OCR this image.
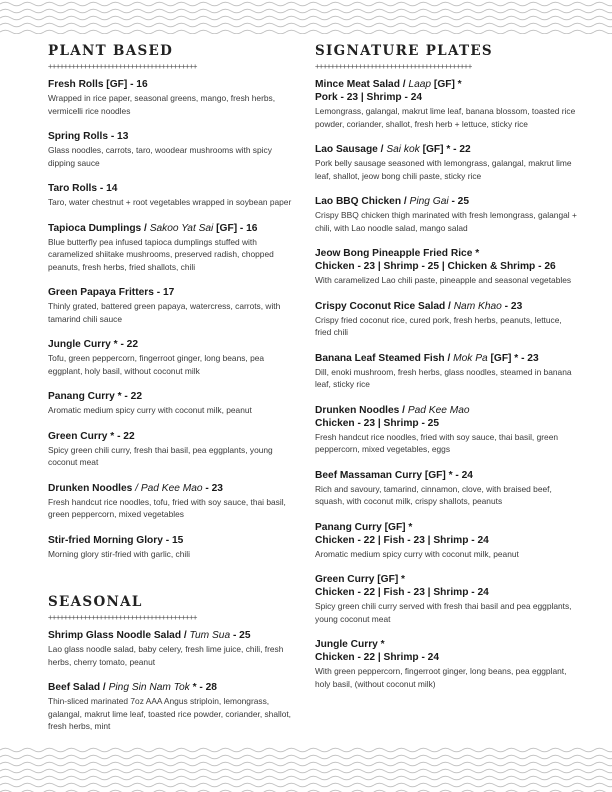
PLANT BASED
++++++++++++++++++++++++++++++++++++++
Fresh Rolls [GF] - 16
Wrapped in rice paper, seasonal greens, mango, fresh herbs, vermicelli rice noodles
Spring Rolls - 13
Glass noodles, carrots, taro, woodear mushrooms with spicy dipping sauce
Taro Rolls - 14
Taro, water chestnut + root vegetables wrapped in soybean paper
Tapioca Dumplings / Sakoo Yat Sai [GF] - 16
Blue butterfly pea infused tapioca dumplings stuffed with caramelized shiitake mushrooms, preserved radish, chopped peanuts, fresh herbs, fried shallots, chili
Green Papaya Fritters - 17
Thinly grated, battered green papaya, watercress, carrots, with tamarind chili sauce
Jungle Curry * - 22
Tofu, green peppercorn, fingerroot ginger, long beans, pea eggplant, holy basil, without coconut milk
Panang Curry * - 22
Aromatic medium spicy curry with coconut milk, peanut
Green Curry * - 22
Spicy green chili curry, fresh thai basil, pea eggplants, young coconut meat
Drunken Noodles / Pad Kee Mao - 23
Fresh handcut rice noodles, tofu, fried with soy sauce, thai basil, green peppercorn, mixed vegetables
Stir-fried Morning Glory - 15
Morning glory stir-fried with garlic, chili
SEASONAL
++++++++++++++++++++++++++++++++++++++
Shrimp Glass Noodle Salad / Tum Sua - 25
Lao glass noodle salad, baby celery, fresh lime juice, chili, fresh herbs, cherry tomato, peanut
Beef Salad / Ping Sin Nam Tok * - 28
Thin-sliced marinated 7oz AAA Angus striploin, lemongrass, galangal, makrut lime leaf, toasted rice powder, coriander, shallot, fresh herbs, mint
SIGNATURE PLATES
++++++++++++++++++++++++++++++++++++++++
Mince Meat Salad / Laap [GF] *
Pork - 23 | Shrimp - 24
Lemongrass, galangal, makrut lime leaf, banana blossom, toasted rice powder, coriander, shallot, fresh herb + lettuce, sticky rice
Lao Sausage / Sai kok [GF] * - 22
Pork belly sausage seasoned with lemongrass, galangal, makrut lime leaf, shallot, jeow bong chili paste, sticky rice
Lao BBQ Chicken / Ping Gai - 25
Crispy BBQ chicken thigh marinated with fresh lemongrass, galangal + chili, with Lao noodle salad, mango salad
Jeow Bong Pineapple Fried Rice *
Chicken - 23 | Shrimp - 25 | Chicken & Shrimp - 26
With caramelized Lao chili paste, pineapple and seasonal vegetables
Crispy Coconut Rice Salad / Nam Khao - 23
Crispy fried coconut rice, cured pork, fresh herbs, peanuts, lettuce, fried chili
Banana Leaf Steamed Fish / Mok Pa [GF] * - 23
Dill, enoki mushroom, fresh herbs, glass noodles, steamed in banana leaf, sticky rice
Drunken Noodles / Pad Kee Mao
Chicken - 23 | Shrimp - 25
Fresh handcut rice noodles, fried with soy sauce, thai basil, green peppercorn, mixed vegetables, eggs
Beef Massaman Curry [GF] * - 24
Rich and savoury, tamarind, cinnamon, clove, with braised beef, squash, with coconut milk, crispy shallots, peanuts
Panang Curry [GF] *
Chicken - 22 | Fish - 23 | Shrimp - 24
Aromatic medium spicy curry with coconut milk, peanut
Green Curry [GF] *
Chicken - 22 | Fish - 23 | Shrimp - 24
Spicy green chili curry served with fresh thai basil and pea eggplants, young coconut meat
Jungle Curry *
Chicken - 22 | Shrimp - 24
With green peppercorn, fingerroot ginger, long beans, pea eggplant, holy basil, (without coconut milk)
